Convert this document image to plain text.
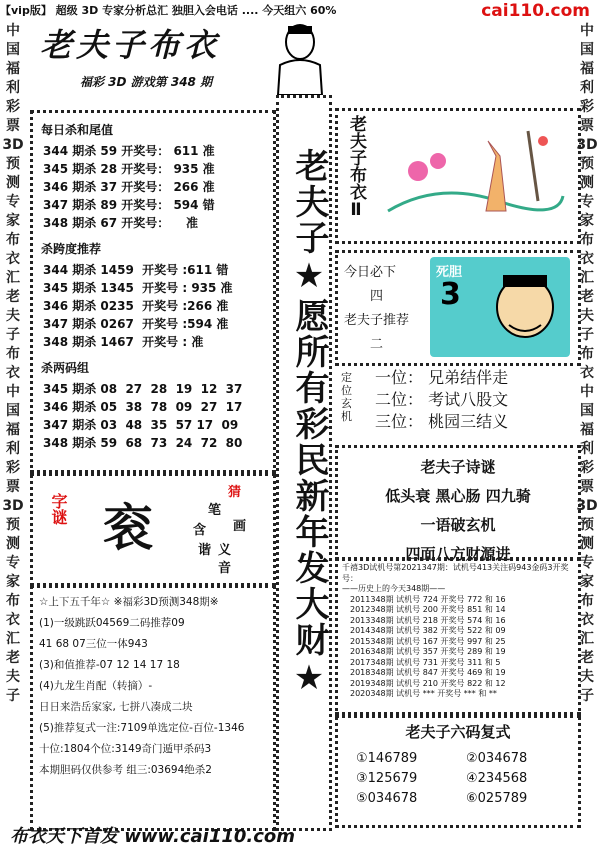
【vip版】 超级 3D 专家分析总汇 独胆入会电话 .... 今天组六 60%	cai110.com
中国福利彩票3D预测专家布衣汇老夫子布衣中国福利彩票3D预测专家布衣汇老夫子
中国福利彩票3D预测专家布衣汇老夫子布衣中国福利彩票3D预测专家布衣汇老夫子
老夫子布衣
福彩 3D 游戏第 348 期
每日杀和尾值
344 期杀 59 开奖号： 611 准
345 期杀 28 开奖号： 935 准
346 期杀 37 开奖号： 266 准
347 期杀 89 开奖号： 594 错
348 期杀 67 开奖号：    准
杀跨度推荐
344 期杀 1459  开奖号 :611 错
345 期杀 1345  开奖号 : 935 准
346 期杀 0235  开奖号 :266 准
347 期杀 0267  开奖号 :594 准
348 期杀 1467  开奖号 : 准
杀两码组
345 期杀 08  27  28  19  12  37
346 期杀 05  38  78  09  27  17
347 期杀 03  48  35  57 17  09
348 期杀 59  68  73  24  72  80	老夫子★愿所有彩民新年发大财★ 老夫子布衣Ⅱ
今日必下
四
老夫子推荐
二
死胆
3
定位玄机
一位： 兄弟结伴走
二位： 考试八股文
三位： 桃园三结义
老夫子诗谜
低头衰 黑心肠 四九骑
一语破玄机
四面八方财源进
千禧3D试机号第2021347期：试机号413关注码943金码3开奖号：
——历史上的今天348期——
2011348期 试机号 724 开奖号 772 和 16
2012348期 试机号 200 开奖号 851 和 14
2013348期 试机号 218 开奖号 574 和 16
2014348期 试机号 382 开奖号 522 和 09
2015348期 试机号 167 开奖号 997 和 25
2016348期 试机号 357 开奖号 289 和 19
2017348期 试机号 731 开奖号 311 和 5
2018348期 试机号 847 开奖号 469 和 19
2019348期 试机号 210 开奖号 822 和 12
2020348期 试机号 *** 开奖号 *** 和 **
老夫子六码复式
①146789	②034678
③125679	④234568
⑤034678	⑥025789
字谜 衮
猜
笔
画
含
谐 义
音
☆上下五千年☆ ※福彩3D预测348期※
(1)一级跳跃04569二码推荐09
41 68 07三位一体943
(3)和值推荐-07 12 14 17 18
(4)九龙生肖配（转摘）-
日日来浩岳家家, 七拼八凑成二块
(5)推荐复式一注:7109单选定位-百位-1346
十位:1804个位:3149奇门遁甲杀码3
本期胆码仅供参考 组三:03694绝杀2
布衣天下首发 www.cai110.com
